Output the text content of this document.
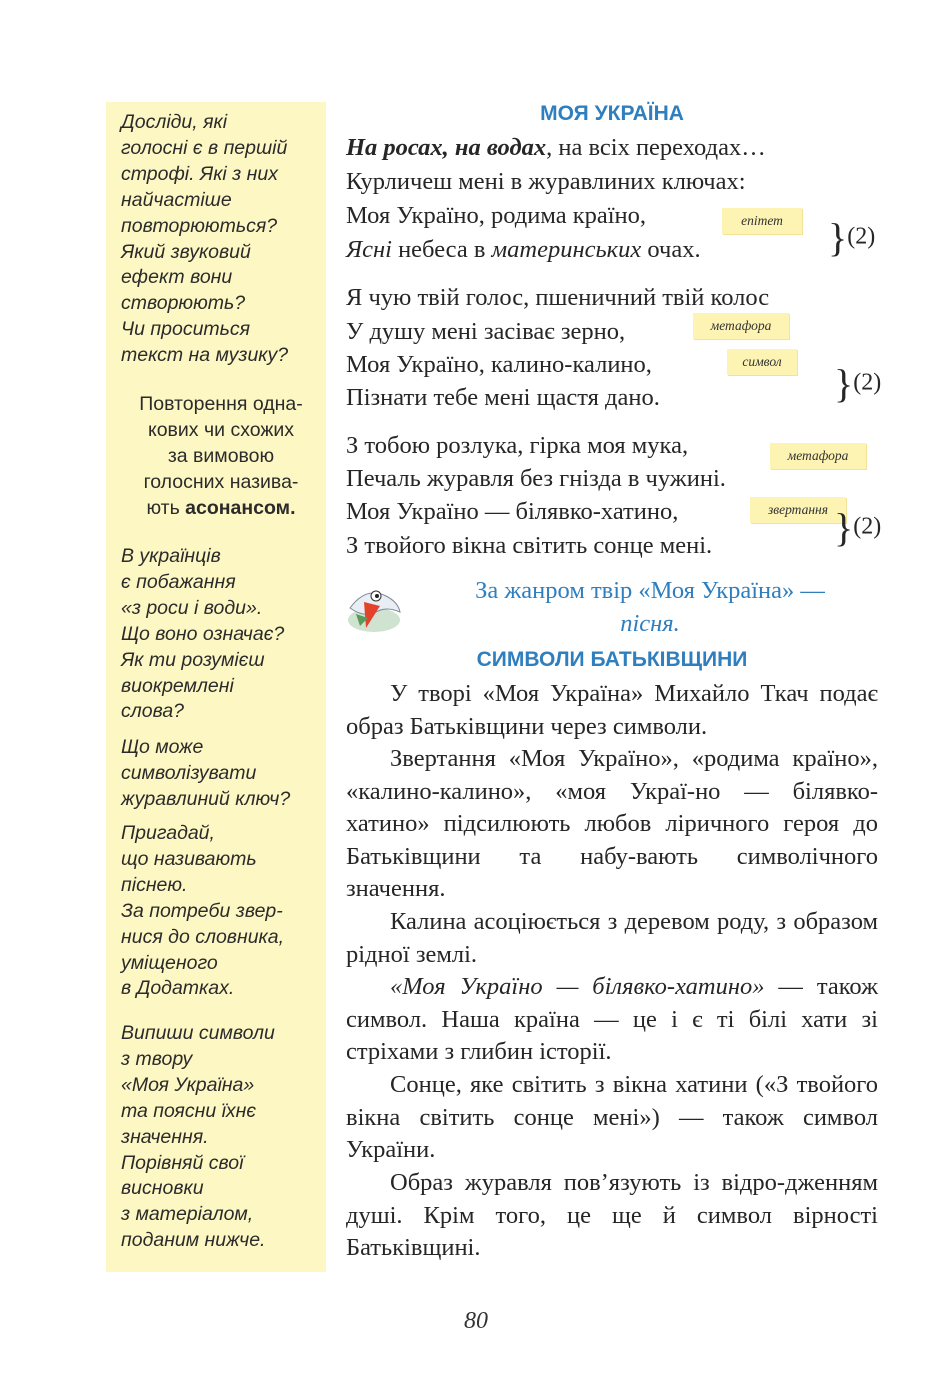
Досліди, які
голосні є в першій
строфі. Які з них
найчастіше
повторюються?
Який звуковий
ефект вони
створюють?
Чи проситься
текст на музику?

Повторення одна-
кових чи схожих
за вимовою
голосних назива-
ють асонансом.

В українців
є побажання
«з роси і води».
Що воно означає?
Як ти розумієш
виокремлені
слова?

Що може
символізувати
журавлиний ключ?

Пригадай,
що називають
піснею.
За потреби звер-
нися до словника,
уміщеного
в Додатках.

Випиши символи
з твору
«Моя Україна»
та поясни їхнє
значення.
Порівняй свої
висновки
з матеріалом,
поданим нижче.

МОЯ УКРАЇНА

На росах, на водах, на всіх переходах…

Курличеш мені в журавлиних ключах:

Моя Україно, родима країно,

Ясні небеса в материнських очах.

епітет	}(2)

Я чую твій голос, пшеничний твій колос

У душу мені засіває зерно,

Моя Україно, калино-калино,

Пізнати тебе мені щастя дано.

метафора
символ	}(2)

З тобою розлука, гірка моя мука,

Печаль журавля без гнізда в чужині.

Моя Україно — білявко-хатино,

З твойого вікна світить сонце мені.

метафора
звертання }(2)

За жанром твір «Моя Україна» —
пісня.

СИМВОЛИ БАТЬКІВЩИНИ

У творі «Моя Україна» Михайло Ткач подає образ Батьківщини через символи.

Звертання «Моя Україно», «родима країно», «калино-калино», «моя Украї-но — білявко-хатино» підсилюють любов ліричного героя до Батьківщини та набу-вають символічного значення.

Калина асоціюється з деревом роду, з образом рідної землі.

«Моя Україно — білявко-хатино» — також символ. Наша країна — це і є ті білі хати зі стріхами з глибин історії.

Сонце, яке світить з вікна хатини («З твойого вікна світить сонце мені») — також символ України.

Образ журавля пов’язують із відро-дженням душі. Крім того, це ще й символ вірності Батьківщині.

80
